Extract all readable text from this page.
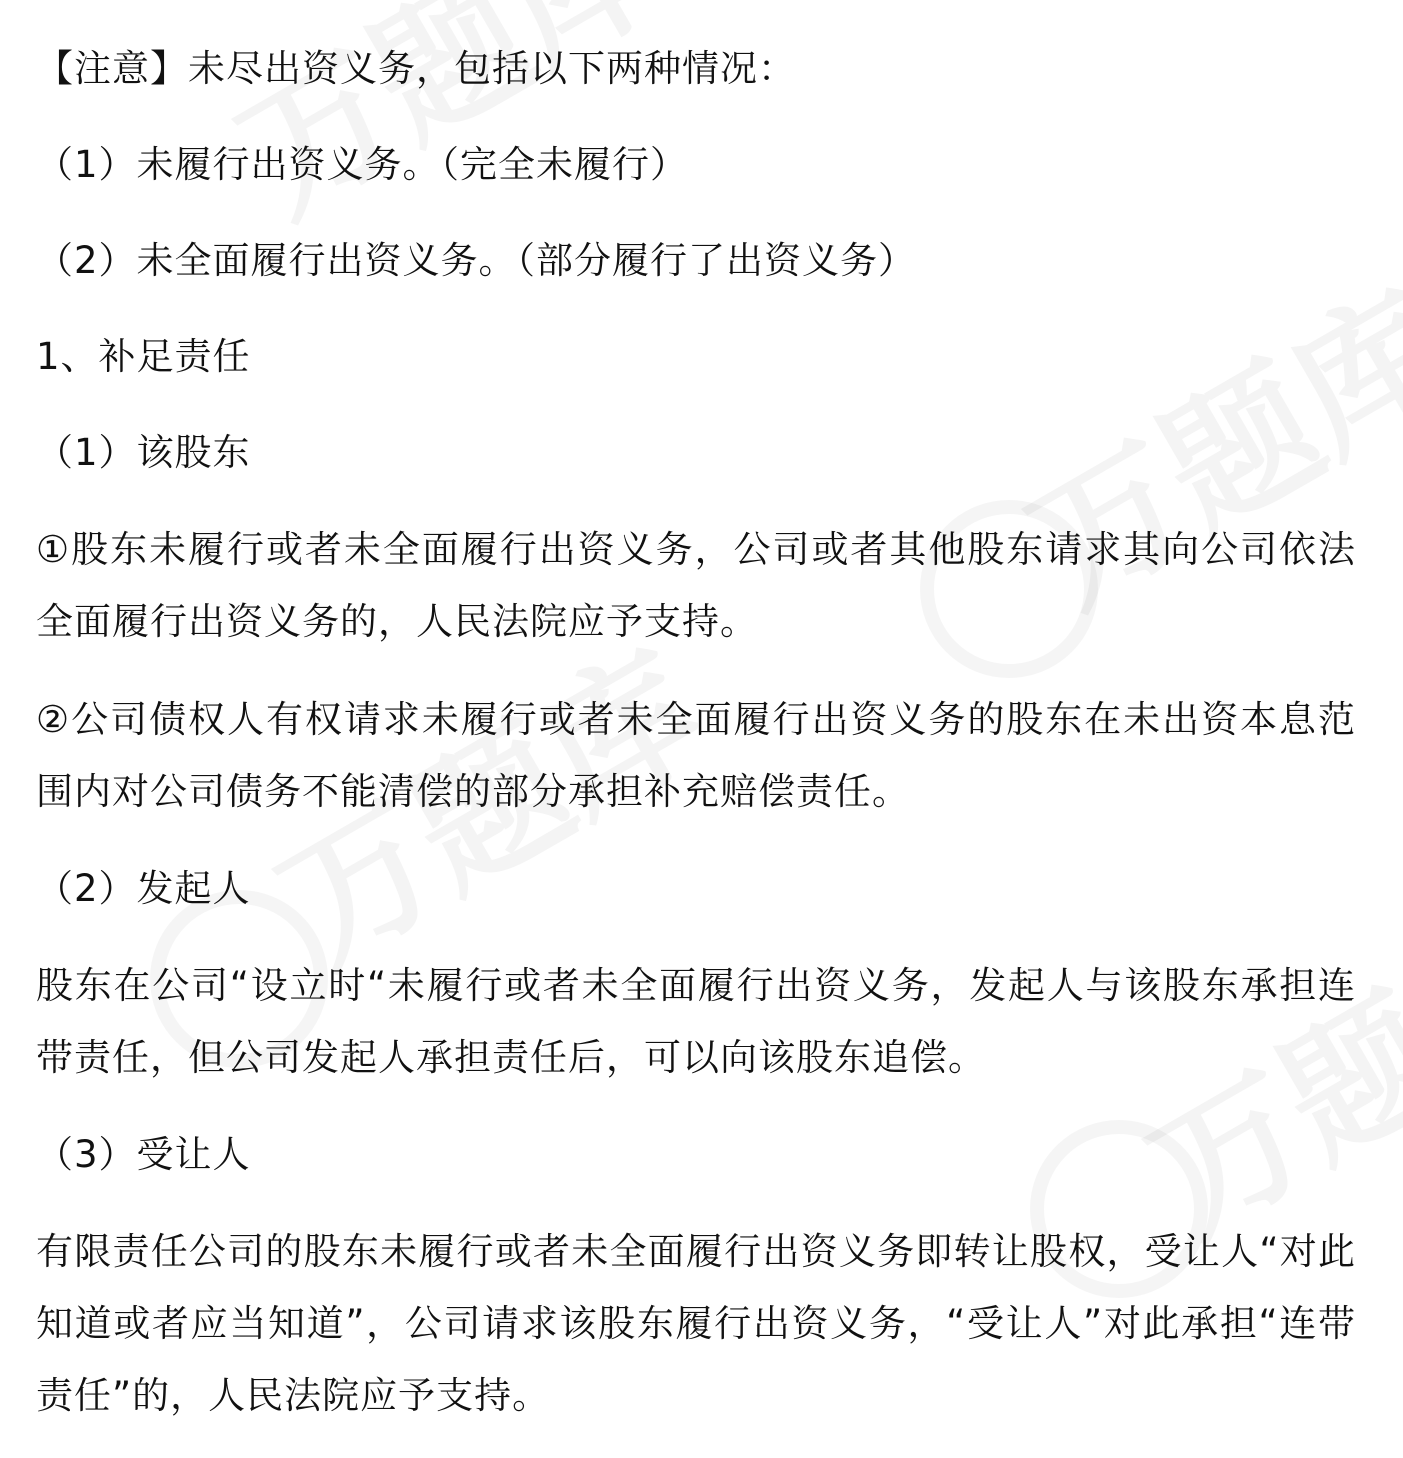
【注意】未尽出资义务，包括以下两种情况：
（1）未履行出资义务。（完全未履行）
（2）未全面履行出资义务。（部分履行了出资义务）
1、补足责任
（1）该股东
①股东未履行或者未全面履行出资义务，公司或者其他股东请求其向公司依法全面履行出资义务的，人民法院应予支持。
②公司债权人有权请求未履行或者未全面履行出资义务的股东在未出资本息范围内对公司债务不能清偿的部分承担补充赔偿责任。
（2）发起人
股东在公司“设立时“未履行或者未全面履行出资义务，发起人与该股东承担连带责任，但公司发起人承担责任后，可以向该股东追偿。
（3）受让人
有限责任公司的股东未履行或者未全面履行出资义务即转让股权，受让人“对此知道或者应当知道”，公司请求该股东履行出资义务，“受让人”对此承担“连带责任”的，人民法院应予支持。
